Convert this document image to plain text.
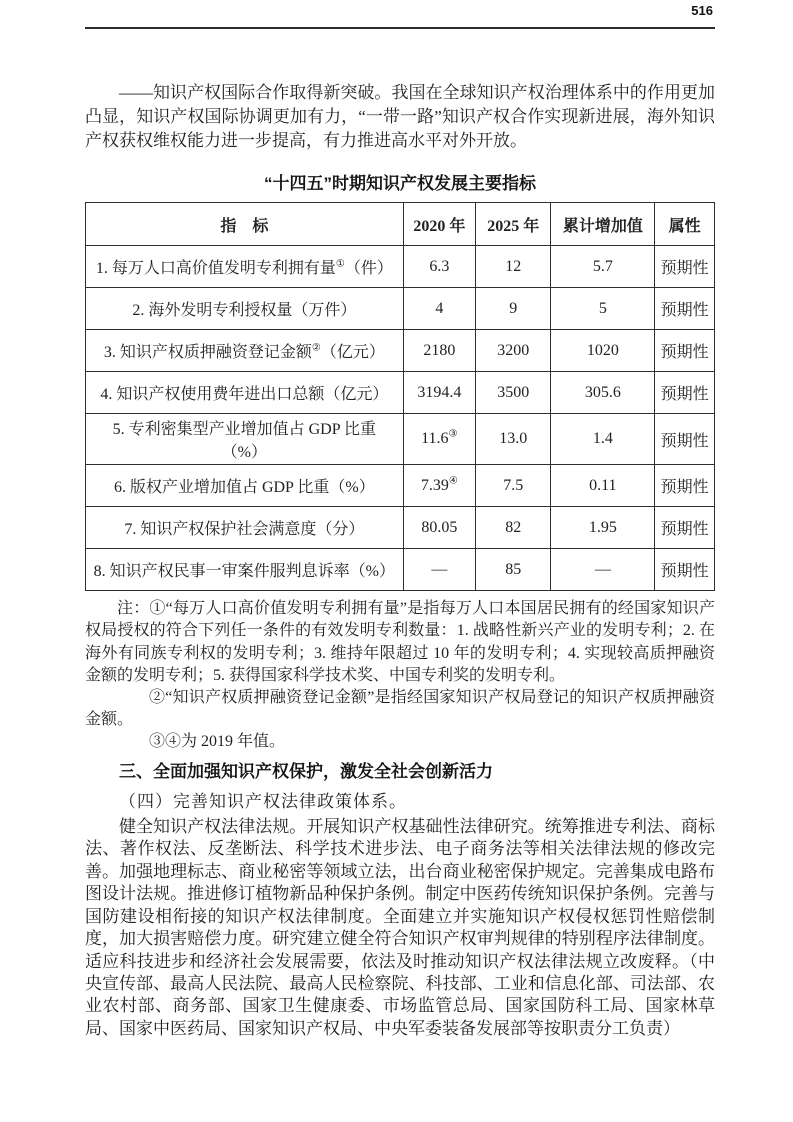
516

——知识产权国际合作取得新突破。我国在全球知识产权治理体系中的作用更加凸显，知识产权国际协调更加有力，“一带一路”知识产权合作实现新进展，海外知识产权获权维权能力进一步提高，有力推进高水平对外开放。

“十四五”时期知识产权发展主要指标
指　标	2020 年	2025 年	累计增加值	属性
1. 每万人口高价值发明专利拥有量①（件）	6.3	12	5.7	预期性
2. 海外发明专利授权量（万件）	4	9	5	预期性
3. 知识产权质押融资登记金额②（亿元）	2180	3200	1020	预期性
4. 知识产权使用费年进出口总额（亿元）	3194.4	3500	305.6	预期性
5. 专利密集型产业增加值占 GDP 比重（%）	11.6③	13.0	1.4	预期性
6. 版权产业增加值占 GDP 比重（%）	7.39④	7.5	0.11	预期性
7. 知识产权保护社会满意度（分）	80.05	82	1.95	预期性
8. 知识产权民事一审案件服判息诉率（%）	—	85	—	预期性

注：①“每万人口高价值发明专利拥有量”是指每万人口本国居民拥有的经国家知识产权局授权的符合下列任一条件的有效发明专利数量：1. 战略性新兴产业的发明专利；2. 在海外有同族专利权的发明专利；3. 维持年限超过 10 年的发明专利；4. 实现较高质押融资金额的发明专利；5. 获得国家科学技术奖、中国专利奖的发明专利。

②“知识产权质押融资登记金额”是指经国家知识产权局登记的知识产权质押融资金额。

③④为 2019 年值。

三、全面加强知识产权保护，激发全社会创新活力

（四）完善知识产权法律政策体系。

健全知识产权法律法规。开展知识产权基础性法律研究。统筹推进专利法、商标法、著作权法、反垄断法、科学技术进步法、电子商务法等相关法律法规的修改完善。加强地理标志、商业秘密等领域立法，出台商业秘密保护规定。完善集成电路布图设计法规。推进修订植物新品种保护条例。制定中医药传统知识保护条例。完善与国防建设相衔接的知识产权法律制度。全面建立并实施知识产权侵权惩罚性赔偿制度，加大损害赔偿力度。研究建立健全符合知识产权审判规律的特别程序法律制度。适应科技进步和经济社会发展需要，依法及时推动知识产权法律法规立改废释。（中央宣传部、最高人民法院、最高人民检察院、科技部、工业和信息化部、司法部、农业农村部、商务部、国家卫生健康委、市场监管总局、国家国防科工局、国家林草局、国家中医药局、国家知识产权局、中央军委装备发展部等按职责分工负责）
